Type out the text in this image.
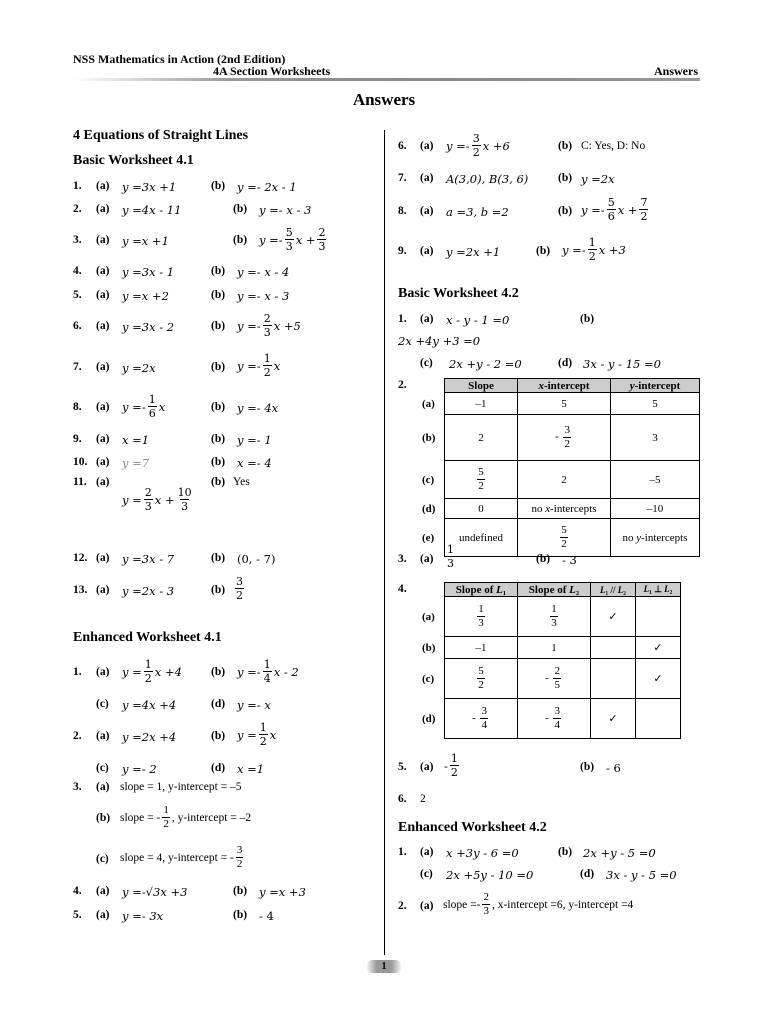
NSS Mathematics in Action (2nd Edition)
4A Section Worksheets	Answers
Answers
4 Equations of Straight Lines
Basic Worksheet 4.1
1. (a) y =3x +1	(b) y =- 2x - 1
2. (a) y =4x - 11	(b) y =- x - 3
3. (a) y =x +1	(b) $y =- \frac{5}{3}$ $x + \frac{2}{3}$
4. (a) y =3x - 1	(b) y =- x - 4
5. (a) y =x +2	(b) y =- x - 3
6. (a) y =3x - 2	(b) $y =- \frac{2}{3}$ x +5
7. (a) y =2x	(b) $y =- \frac{1}{2}$ x
8. (a) $y =- \frac{1}{6}$ x	(b) y =- 4x
9. (a) x =1	(b) y =- 1
10. (a) y =7	(b) x =- 4
11. (a)
$y = \frac{2}{3}$ $x + \frac{10}{3}$
(b) Yes
12. (a) y =3x - 7	(b) (0, - 7)
13. (a) y =2x - 3	$(b) \frac{3}{2}$
Enhanced Worksheet 4.1
1. (a) $y = \frac{1}{2}$ x +4	(b) $y =- \frac{1}{4}$ x - 2
(c) y =4x +4	(d) y =- x
2. (a) y =2x +4	(b) $y = \frac{1}{2}$ x
(c) y =- 2	(d) x =1
3. (a) slope = 1, y-intercept = –5
(b) slope = - $\frac{1}{2}$ , y-intercept = –2
(c) slope = 4, y-intercept = - $\frac{3}{2}$
4. (a) y =-√3x +3	(b) y =x +3
5. (a) y =- 3x	(b) - 4
6. (a) $y =- \frac{3}{2}$ x +6	(b) C: Yes, D: No
7. (a) A(3,0), B(3, 6)	(b) y =2x
8. (a) a =3, b =2	(b) $y =- \frac{5}{6}$ $x + \frac{7}{2}$
9. (a) y =2x +1	(b) $y =- \frac{1}{2}$ x +3
Basic Worksheet 4.2
1. (a) x - y - 1 =0	(b)
2x +4y +3 =0
(c) 2x +y - 2 =0	(d) 3x - y - 15 =0
2.
		Slope	x-intercept	y-intercept
(a)	–1	5	5
(b)	2	- $\frac{3}{2}$	3
(c)	$\frac{5}{2}$	2	–5
(d)	0	no x-intercepts	–10
(e)	undefined	$\frac{5}{2}$	no y-intercepts
3. $(a) \frac{1}{3}$	(b) - 3
4.
		Slope of L₁	Slope of L₂	L₁ // L₂	L₁ ⊥ L₂
(a)	$\frac{1}{3}$	$\frac{1}{3}$	✓	
(b)	–1	1		✓
(c)	$\frac{5}{2}$	- $\frac{2}{5}$		✓
(d)	- $\frac{3}{4}$	- $\frac{3}{4}$	✓	
5. $(a) - \frac{1}{2}$	(b) - 6
6. 2
Enhanced Worksheet 4.2
1. (a) x +3y - 6 =0	(b) 2x +y - 5 =0
(c) 2x +5y - 10 =0	(d) 3x - y - 5 =0
2. (a) slope =- $\frac{2}{3}$ , x-intercept =6, y-intercept =4
1
